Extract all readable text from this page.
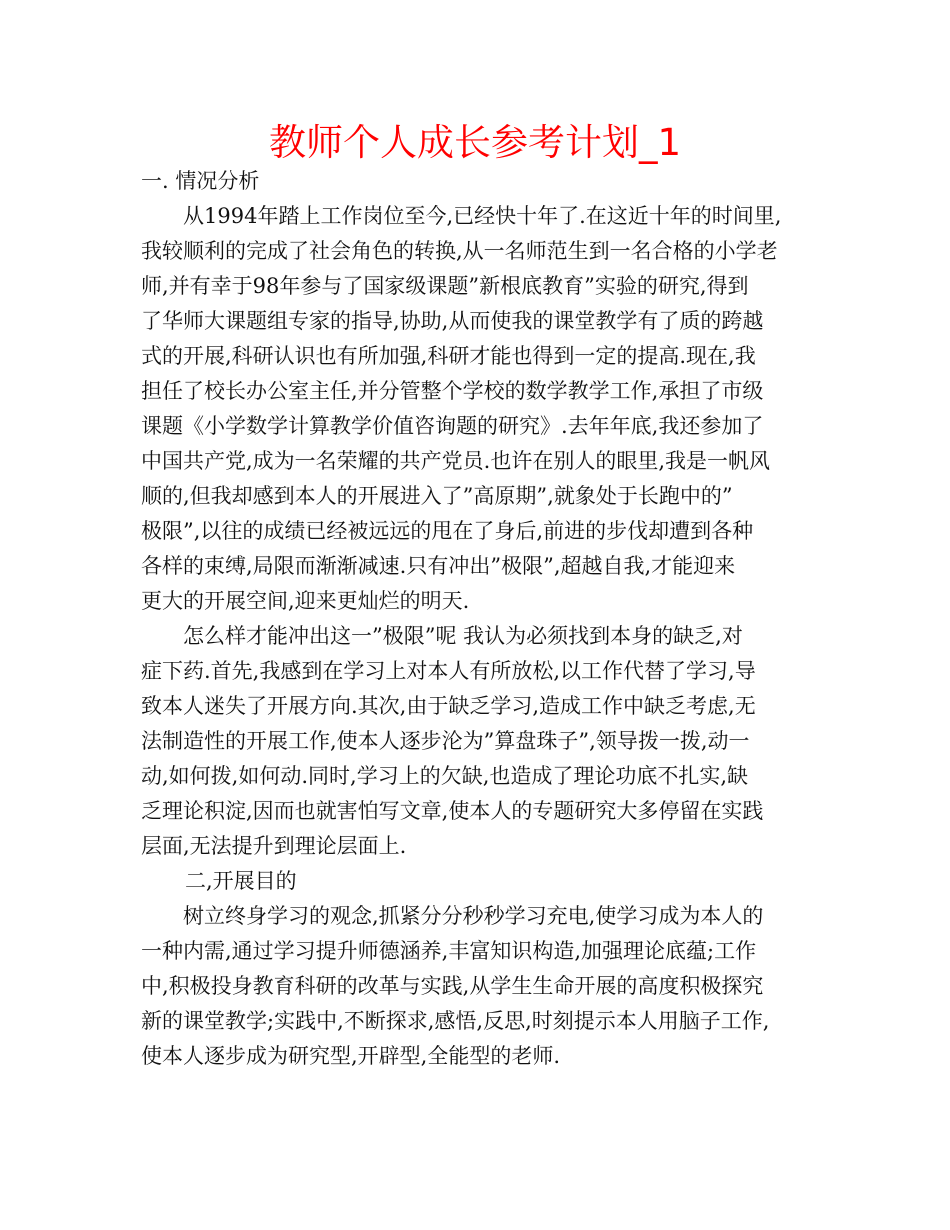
教师个人成长参考计划_1
一. 情况分析
从1994年踏上工作岗位至今,已经快十年了.在这近十年的时间里,
我较顺利的完成了社会角色的转换,从一名师范生到一名合格的小学老
师,并有幸于98年参与了国家级课题”新根底教育”实验的研究,得到
了华师大课题组专家的指导,协助,从而使我的课堂教学有了质的跨越
式的开展,科研认识也有所加强,科研才能也得到一定的提高.现在,我
担任了校长办公室主任,并分管整个学校的数学教学工作,承担了市级
课题《小学数学计算教学价值咨询题的研究》.去年年底,我还参加了
中国共产党,成为一名荣耀的共产党员.也许在别人的眼里,我是一帆风
顺的,但我却感到本人的开展进入了”高原期”,就象处于长跑中的”
极限”,以往的成绩已经被远远的甩在了身后,前进的步伐却遭到各种
各样的束缚,局限而渐渐减速.只有冲出”极限”,超越自我,才能迎来
更大的开展空间,迎来更灿烂的明天.
怎么样才能冲出这一”极限”呢 我认为必须找到本身的缺乏,对
症下药.首先,我感到在学习上对本人有所放松,以工作代替了学习,导
致本人迷失了开展方向.其次,由于缺乏学习,造成工作中缺乏考虑,无
法制造性的开展工作,使本人逐步沦为”算盘珠子”,领导拨一拨,动一
动,如何拨,如何动.同时,学习上的欠缺,也造成了理论功底不扎实,缺
乏理论积淀,因而也就害怕写文章,使本人的专题研究大多停留在实践
层面,无法提升到理论层面上.
二,开展目的
树立终身学习的观念,抓紧分分秒秒学习充电,使学习成为本人的
一种内需,通过学习提升师德涵养,丰富知识构造,加强理论底蕴;工作
中,积极投身教育科研的改革与实践,从学生生命开展的高度积极探究
新的课堂教学;实践中,不断探求,感悟,反思,时刻提示本人用脑子工作,
使本人逐步成为研究型,开辟型,全能型的老师.
